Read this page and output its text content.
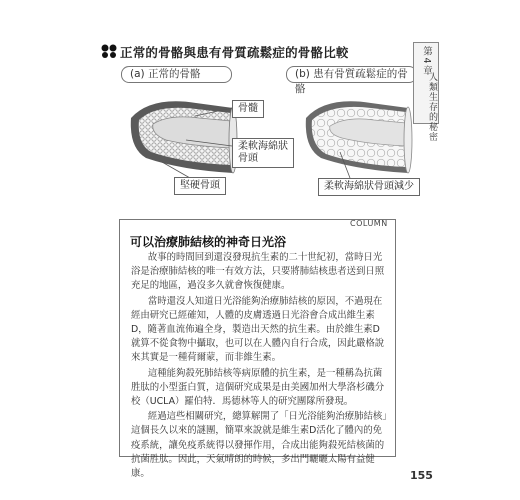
正常的骨骼與患有骨質疏鬆症的骨骼比較
(a) 正常的骨骼	(b) 患有骨質疏鬆症的骨骼
骨髓
柔軟海綿狀
骨頭
堅硬骨頭	柔軟海綿狀骨頭減少
第4章
人類生存的秘密
COLUMN
可以治療肺結核的神奇日光浴

故事的時間回到還沒發現抗生素的二十世紀初，當時日光浴是治療肺結核的唯一有效方法，只要將肺結核患者送到日照充足的地區，過沒多久就會恢復健康。

當時還沒人知道日光浴能夠治療肺結核的原因，不過現在經由研究已經確知，人體的皮膚透過日光浴會合成出維生素D，隨著血流佈遍全身，製造出天然的抗生素。由於維生素D就算不從食物中攝取，也可以在人體內自行合成，因此嚴格說來其實是一種荷爾蒙，而非維生素。

這種能夠殺死肺結核等病原體的抗生素，是一種稱為抗菌胜肽的小型蛋白質，這個研究成果是由美國加州大學洛杉磯分校（UCLA）羅伯特．馬德林等人的研究團隊所發現。

經過這些相關研究，總算解開了「日光浴能夠治療肺結核」這個長久以來的謎團，簡單來說就是維生素D活化了體內的免疫系統，讓免疫系統得以發揮作用，合成出能夠殺死結核菌的抗菌胜肽。因此，天氣晴朗的時候，多出門曬曬太陽有益健康。	155
